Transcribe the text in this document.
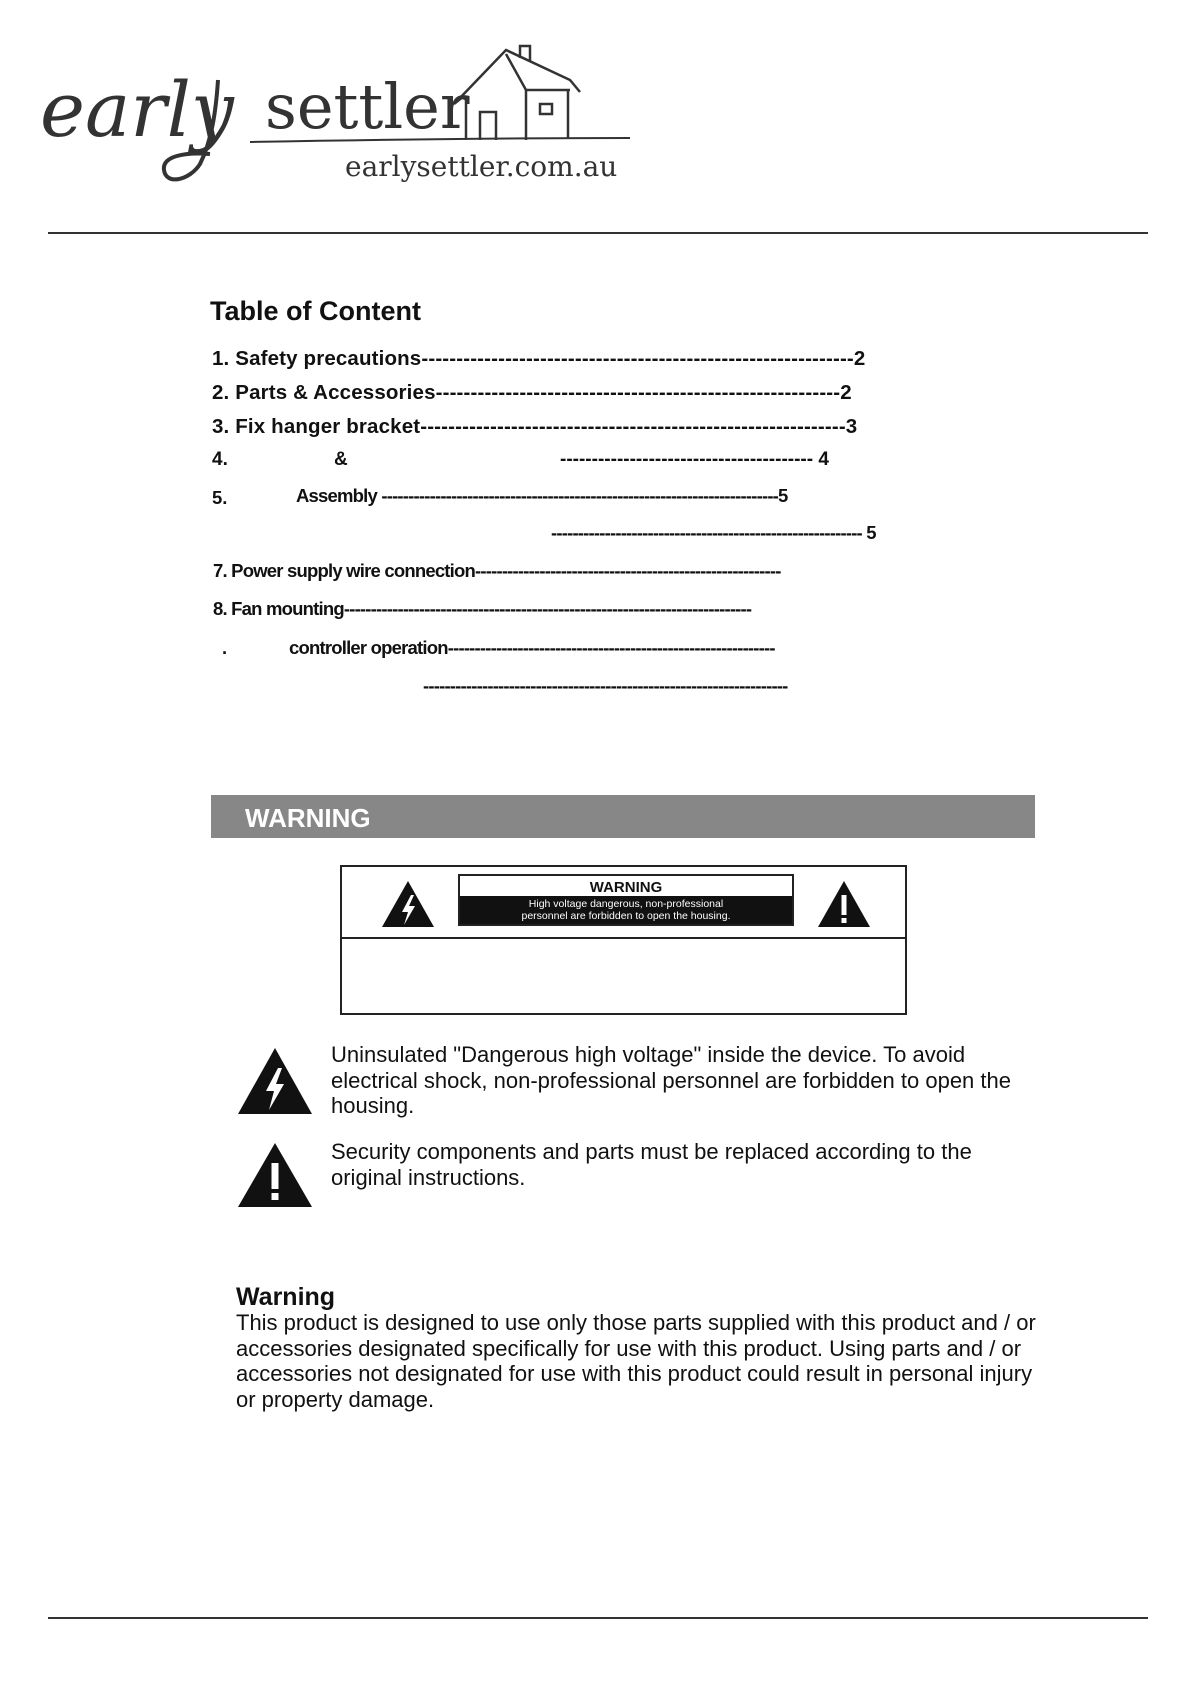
early settler
earlysettler.com.au
Table of Content
1. Safety precautions--------------------------------------------------------------2
2. Parts & Accessories----------------------------------------------------------2
3. Fix hanger bracket-------------------------------------------------------------3
4.	&	---------------------------------------- 4
5.	Assembly --------------------------------------------------------------------------5
---------------------------------------------------------- 5
7. Power supply wire connection---------------------------------------------------------
8. Fan mounting----------------------------------------------------------------------------
.	controller operation-------------------------------------------------------------
--------------------------------------------------------------------
WARNING
WARNING
High voltage dangerous, non-professional
personnel are forbidden to open the housing.
Uninsulated "Dangerous high voltage" inside the device. To avoid electrical shock, non-professional personnel are forbidden to open the housing.
Security components and parts must be replaced according to the original instructions.
Warning
This product is designed to use only those parts supplied with this product and / or accessories designated specifically for use with this product. Using parts and / or accessories not designated for use with this product could result in personal injury or property damage.
